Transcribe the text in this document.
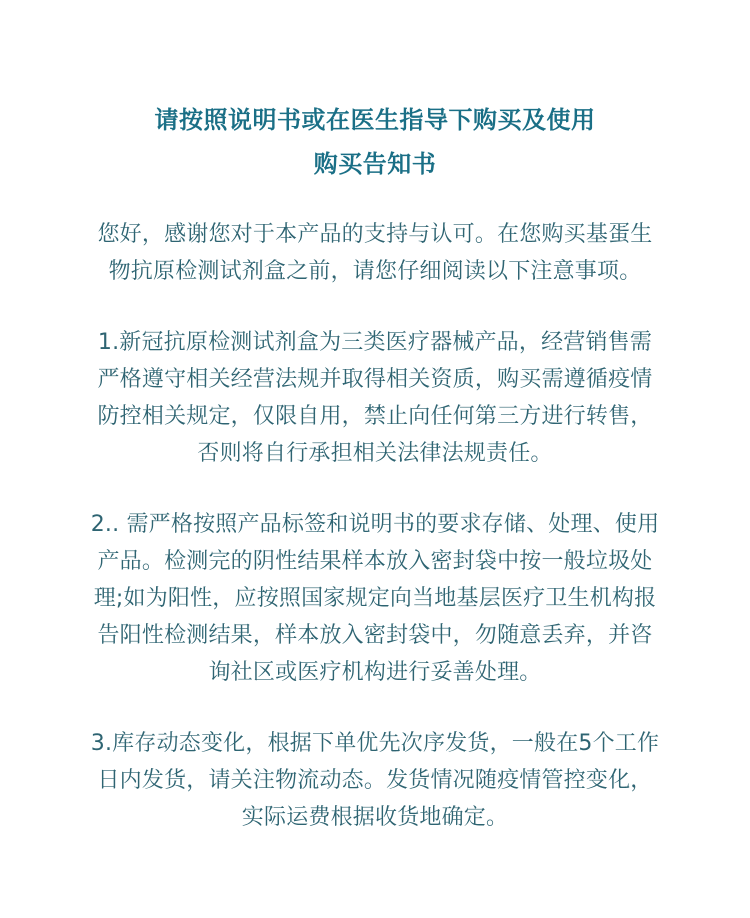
请按照说明书或在医生指导下购买及使用
购买告知书

您好，感谢您对于本产品的支持与认可。在您购买基蛋生
物抗原检测试剂盒之前，请您仔细阅读以下注意事项。

1.新冠抗原检测试剂盒为三类医疗器械产品，经营销售需
严格遵守相关经营法规并取得相关资质，购买需遵循疫情
防控相关规定，仅限自用，禁止向任何第三方进行转售，
否则将自行承担相关法律法规责任。

2.. 需严格按照产品标签和说明书的要求存储、处理、使用
产品。检测完的阴性结果样本放入密封袋中按一般垃圾处
理;如为阳性，应按照国家规定向当地基层医疗卫生机构报
告阳性检测结果，样本放入密封袋中，勿随意丢弃，并咨
询社区或医疗机构进行妥善处理。

3.库存动态变化，根据下单优先次序发货，一般在5个工作
日内发货，请关注物流动态。发货情况随疫情管控变化，
实际运费根据收货地确定。
